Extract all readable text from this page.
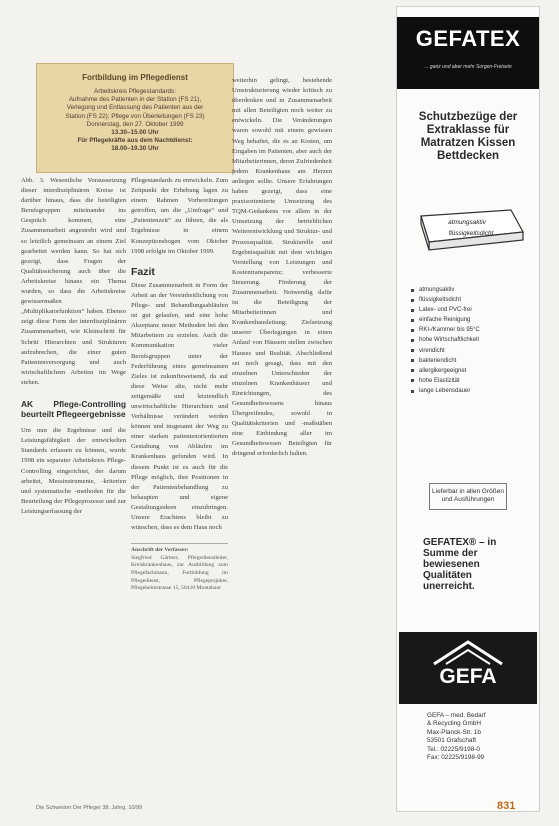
Fortbildung im Pflegedienst
Arbeitskreis Pflegestandards:
Aufnahme des Patienten in der Station (FS 21),
Verlegung und Entlassung des Patienten aus der
Station (FS 22); Pflege von Überleitungen (FS 23)
Donnerstag, den 27. Oktober 1999
13.30–15.00 Uhr
Für Pflegekräfte aus dem Nachtdienst:
18.00–19.30 Uhr

Abb. 3. Wesentliche Voraussetzung dieser interdisziplinären Kreise ist darüber hinaus, dass die beteiligten Berufsgruppen miteinander ins Gespräch kommen, eine Zusammenarbeit angestrebt wird und so letztlich gemeinsam an einem Ziel gearbeitet werden kann. So hat sich gezeigt, dass Fragen der Qualitätssicherung auch über die Arbeitskreise hinaus ein Thema wurden, so dass die Arbeitskreise gewissermaßen „Multiplikatorfunktion“ haben. Ebenso zeigt diese Form der interdisziplinären Zusammenarbeit, wie Kleinschritt für Schritt Hierarchien und Strukturen aufzubrechen, die einer guten Patientenversorgung und auch wirtschaftlichem Arbeiten im Wege stehen.

AK Pflege-Controlling beurteilt Pflegeergebnisse

Um nun die Ergebnisse und die Leistungsfähigkeit der entwickelten Standards erfassen zu können, wurde 1998 ein separater Arbeitskreis Pflege-Controlling eingerichtet, der darum arbeitet, Messinstrumente, -kriterien und systematische -methoden für die Beurteilung der Pflegeprozesse und zur Leistungserfassung der

Pflegestandards zu entwickeln. Zum Zeitpunkt der Erhebung lagen zu einem Rahmen Vorbereitungen getroffen, um die „Umfrage“ und „Patientenzeit“ zu führen, die als Ergebnisse in einem Konzeptionsbogen vom Oktober 1998 erfolgte im Oktober 1999.

Fazit

Diese Zusammenarbeit in Form der Arbeit an der Vereinheitlichung von Pflege- und Behandlungsabläufen ist gut gelaufen, und eine hohe Akzeptanz neuer Methoden bei den Mitarbeitern zu erzielen. Auch die Kommunikation vieler Berufsgruppen unter der Federführung eines gemeinsamen Zieles ist zukunftsweisend, da auf diese Weise alte, nicht mehr zeitgemäße und letztendlich unwirtschaftliche Hierarchien und Verhältnisse verändert werden können und insgesamt der Weg zu einer starken patientenorientierten Gestaltung von Abläufen im Krankenhaus gefunden wird. In diesem Punkt ist es auch für die Pflege möglich, ihre Positionen in der Patientenbehandlung zu behaupten und eigene Gestaltungsideen einzubringen. Unsere Erachtens bleibt zu wünschen, dass es dem Haus noch

Anschrift der Verfasser:
Siegfried Gärtner, Pflegedienstleiter, Kreiskrankenhaus, zur Ausbildung zum Pflegefachmann, Fortbildung im Pflegedienst, Pflegeprojekte, Pflegeheimstrasse 15, 56410 Montabaur

weiterhin gelingt, bestehende Umstrukturierung wieder kritisch zu überdenken und in Zusammenarbeit mit allen Beteiligten noch weiter zu entwickeln. Die Veränderungen waren sowohl mit einem gewissen Weg behaftet, die es an Kosten, um Eingaben im Patienten, aber auch der Mitarbeiterinnen, deren Zufriedenheit jedem Krankenhaus am Herzen anliegen sollte. Unsere Erfahrungen haben gezeigt, dass eine praxisorientierte Umsetzung des TQM-Gedankens vor allem in der Umsetzung der betrieblichen Weiterentwicklung und Struktur- und Prozessqualität. Strukturelle und Ergebnisqualität mit dem wichtigen Vorstellung von Leistungen und Kostentransparenz; verbesserte Steuerung. Förderung der Zusammenarbeit. Notwendig dafür ist die Beteiligung der Mitarbeiterinnen und Krankenhausleitung; Zielsetzung unserer Überlegungen in einen Anlauf von Häusern stellen zwischen Hauses und Realität. Abschließend sei noch gesagt, dass mit den einzelnen Unterschieden der einzelnen Krankenhäuser und Einrichtungen, des Gesundheitswesens hinaus Übergreifendes, sowohl in Qualitätskriterien und -maßstäben eine Einbindung aller im Gesundheitswesen Beteiligten für dringend erforderlich halten.

GEFATEX
... ganz und aber mehr Sorgen-Freisein
Schutzbezüge der Extraklasse für Matratzen Kissen Bettdecken
atmungsaktiv
flüssigkeitsdicht
atmungsaktiv
flüssigkeitsdicht
Latex- und PVC-frei
einfache Reinigung
RKI-/Kammer bis 95°C
hohe Wirtschaftlichkeit
virendicht
bakteriendicht
allergikergeeignet
hohe Elastizität
lange Lebensdauer
Lieferbar in allen Größen und Ausführungen
GEFATEX® – in Summe der bewiesenen Qualitäten unerreicht.
GEFA
GEFA – med. Bedarf
& Recycling GmbH
Max-Planck-Str. 1b
53501 Grafschaft
Tel.: 02225/9198-0
Fax: 02225/9198-99
Die Schwester Der Pfleger 38. Jahrg. 10/99	831
